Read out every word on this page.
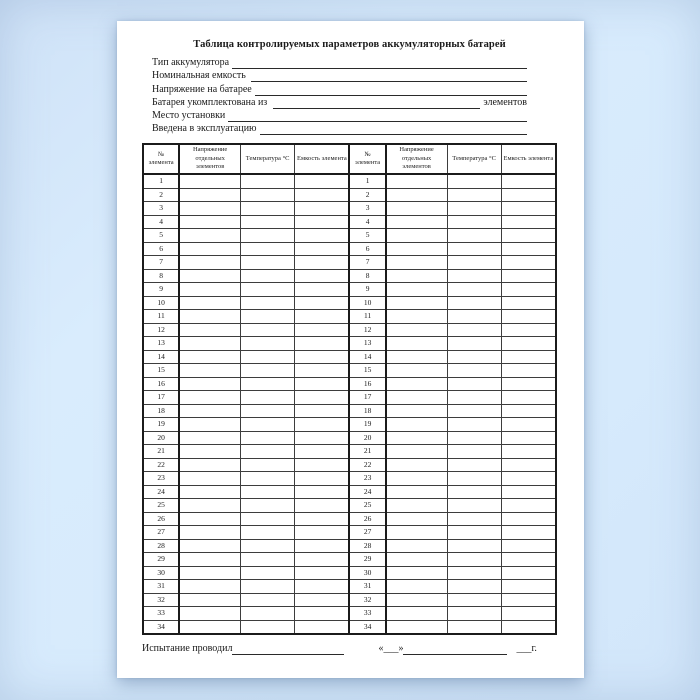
Таблица контролируемых параметров аккумуляторных батарей
Тип аккумулятора
Номинальная емкость
Напряжение на батарее
Батарея укомплектована из	элементов
Место установки
Введена в эксплуатацию
№ элемента	Напряжение отдельных элементов	Температура °С	Емкость элемента	№ элемента	Напряжение отдельных элементов	Температура °С	Емкость элемента
1				1			
2				2			
3				3			
4				4			
5				5			
6				6			
7				7			
8				8			
9				9			
10				10			
11				11			
12				12			
13				13			
14				14			
15				15			
16				16			
17				17			
18				18			
19				19			
20				20			
21				21			
22				22			
23				23			
24				24			
25				25			
26				26			
27				27			
28				28			
29				29			
30				30			
31				31			
32				32			
33				33			
34				34			
Испытание проводил	«___»	___г.
